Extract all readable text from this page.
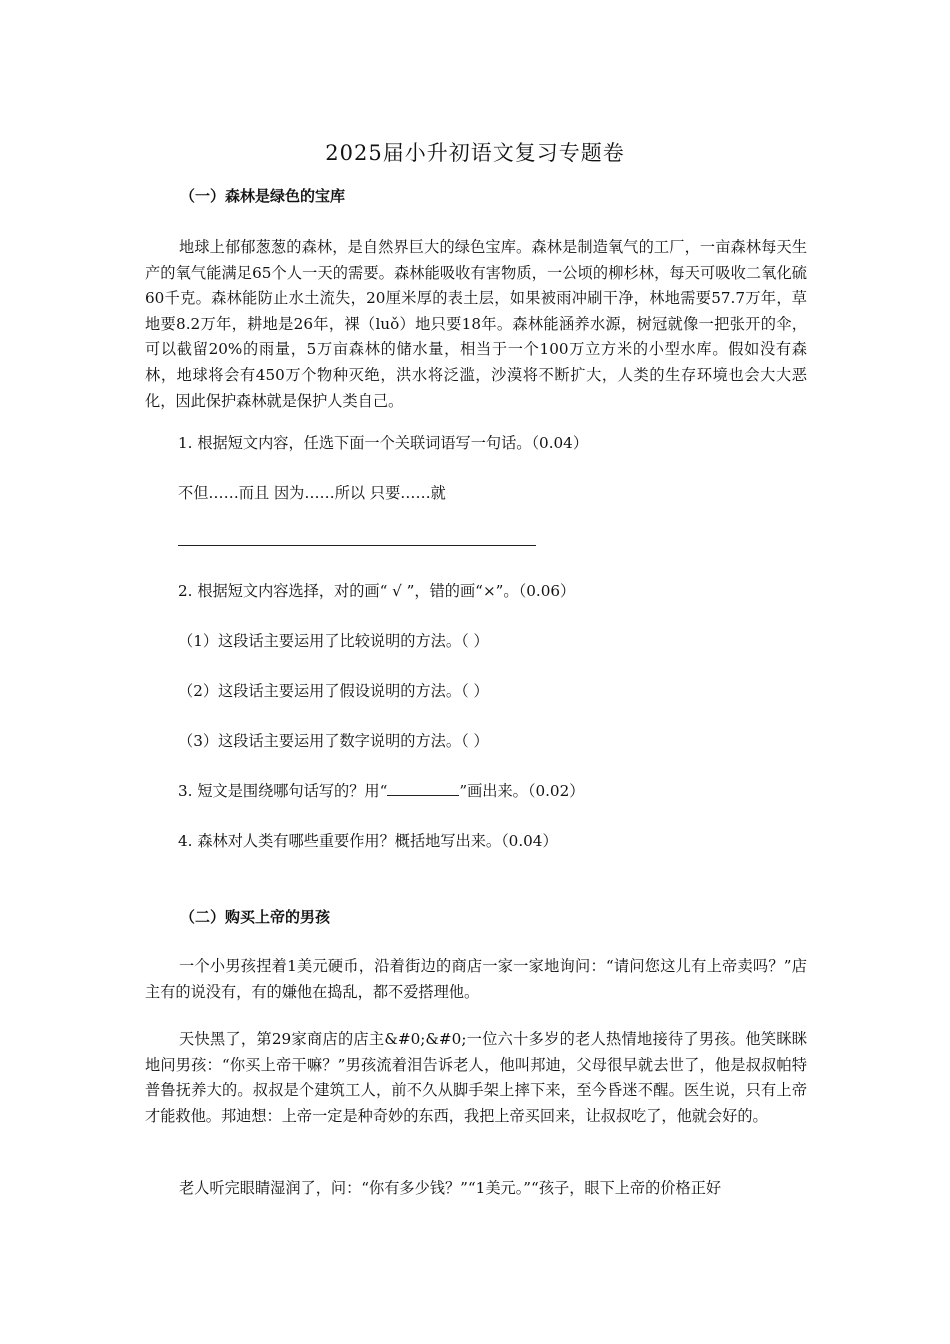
2025届小升初语文复习专题卷
（一）森林是绿色的宝库

地球上郁郁葱葱的森林，是自然界巨大的绿色宝库。森林是制造氧气的工厂，一亩森林每天生产的氧气能满足65个人一天的需要。森林能吸收有害物质，一公顷的柳杉林，每天可吸收二氧化硫60千克。森林能防止水土流失，20厘米厚的表土层，如果被雨冲刷干净，林地需要57.7万年，草地要8.2万年，耕地是26年，裸（luǒ）地只要18年。森林能涵养水源，树冠就像一把张开的伞，可以截留20%的雨量，5万亩森林的储水量，相当于一个100万立方米的小型水库。假如没有森林，地球将会有450万个物种灭绝，洪水将泛滥，沙漠将不断扩大，人类的生存环境也会大大恶化，因此保护森林就是保护人类自己。

1. 根据短文内容，任选下面一个关联词语写一句话。（0.04）
不但……而且 因为……所以 只要……就
2. 根据短文内容选择，对的画“ √ ”，错的画“×”。（0.06）
（1）这段话主要运用了比较说明的方法。（ ）
（2）这段话主要运用了假设说明的方法。（ ）
（3）这段话主要运用了数字说明的方法。（ ）
3. 短文是围绕哪句话写的？用“	”画出来。（0.02）
4. 森林对人类有哪些重要作用？概括地写出来。（0.04）
（二）购买上帝的男孩

一个小男孩捏着1美元硬币，沿着街边的商店一家一家地询问：“请问您这儿有上帝卖吗？”店主有的说没有，有的嫌他在捣乱，都不爱搭理他。

天快黑了，第29家商店的店主&#0;&#0;一位六十多岁的老人热情地接待了男孩。他笑眯眯地问男孩：“你买上帝干嘛？”男孩流着泪告诉老人，他叫邦迪，父母很早就去世了，他是叔叔帕特普鲁抚养大的。叔叔是个建筑工人，前不久从脚手架上摔下来，至今昏迷不醒。医生说，只有上帝才能救他。邦迪想：上帝一定是种奇妙的东西，我把上帝买回来，让叔叔吃了，他就会好的。

老人听完眼睛湿润了，问：“你有多少钱？”“1美元。”“孩子，眼下上帝的价格正好
